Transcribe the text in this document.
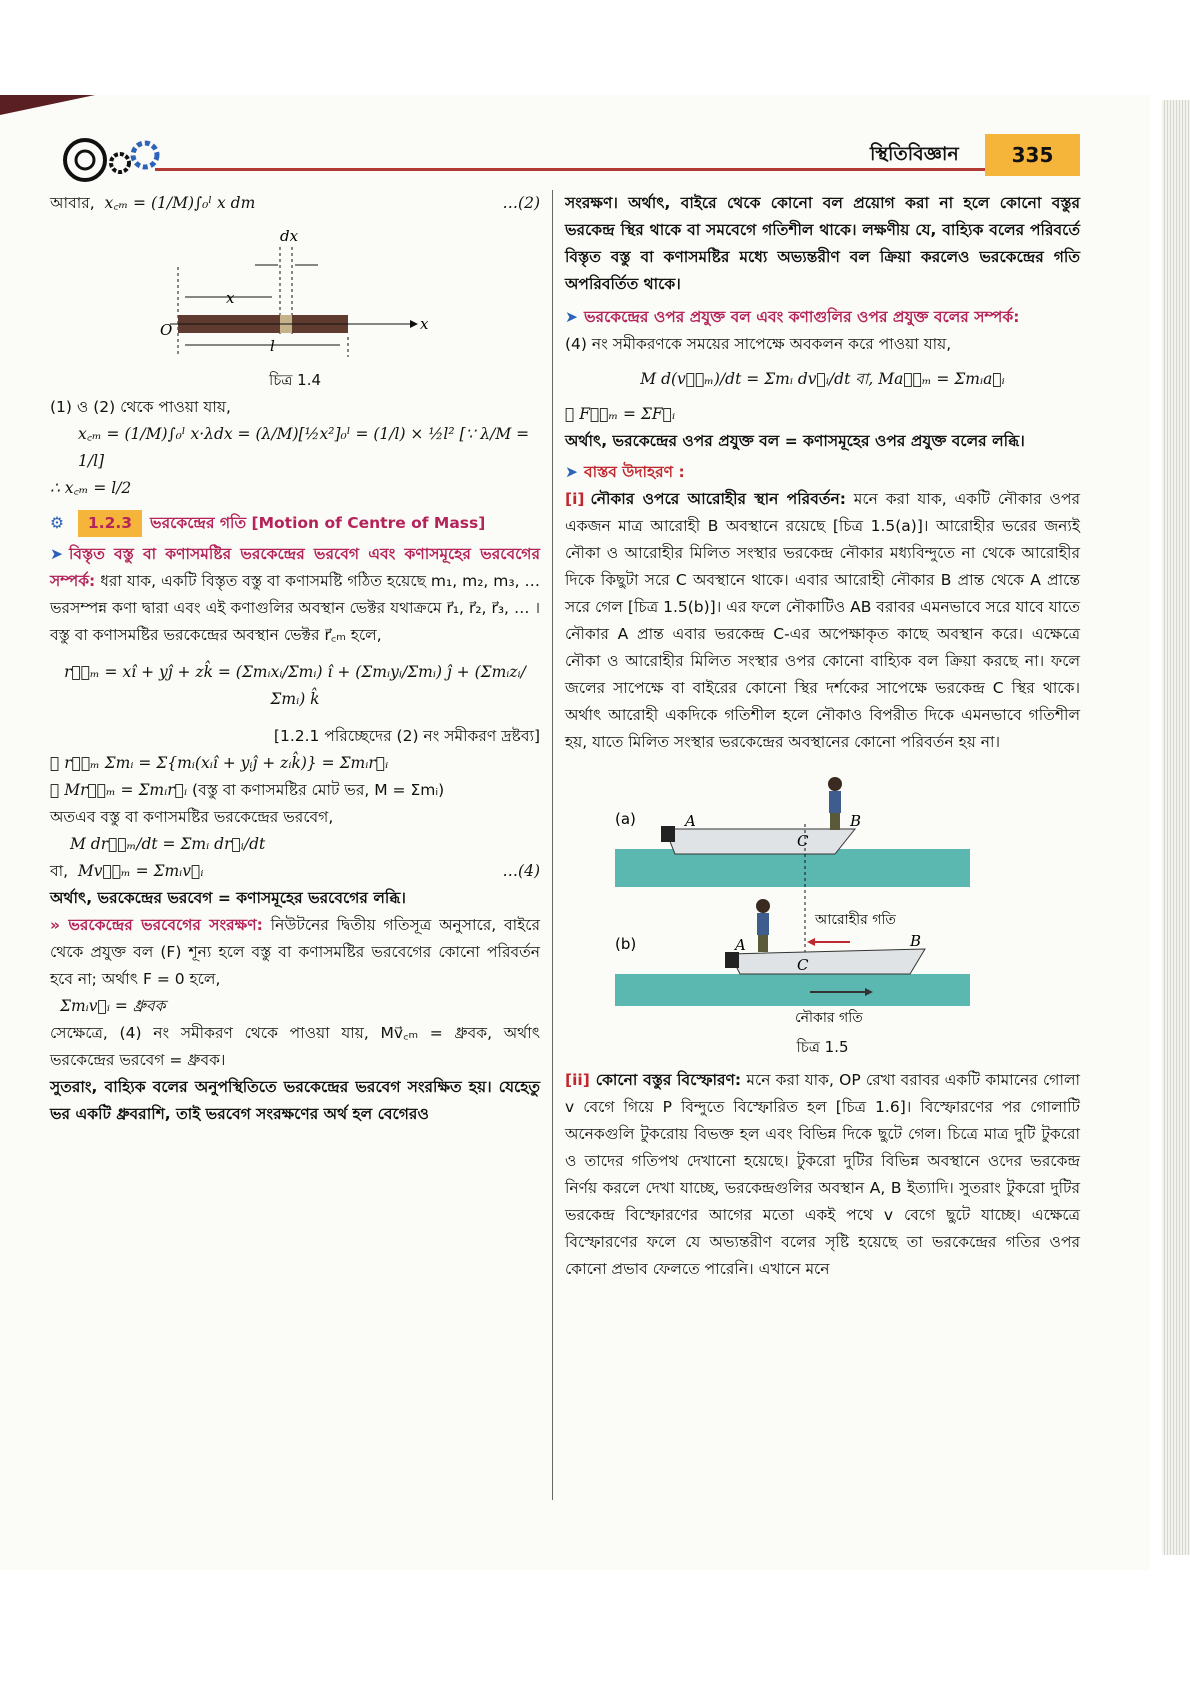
স্থিতিবিজ্ঞান	335
আবার, x꜀ₘ = (1/M)∫₀ˡ x dm	…(2)
dx
x
O	x
l
চিত্র 1.4
(1) ও (2) থেকে পাওয়া যায়,
x꜀ₘ = (1/M)∫₀ˡ x·λdx = (λ/M)[½x²]₀ˡ = (1/l) × ½l² [∵ λ/M = 1/l]
∴ x꜀ₘ = l/2
⚙	1.2.3	ভরকেন্দ্রের গতি [Motion of Centre of Mass]
➤ বিস্তৃত বস্তু বা কণাসমষ্টির ভরকেন্দ্রের ভরবেগ এবং কণাসমূহের ভরবেগের সম্পর্ক: ধরা যাক, একটি বিস্তৃত বস্তু বা কণাসমষ্টি গঠিত হয়েছে m₁, m₂, m₃, … ভরসম্পন্ন কণা দ্বারা এবং এই কণাগুলির অবস্থান ভেক্টর যথাক্রমে r⃗₁, r⃗₂, r⃗₃, … । বস্তু বা কণাসমষ্টির ভরকেন্দ্রের অবস্থান ভেক্টর r⃗꜀ₘ হলে,
r⃗꜀ₘ = xî + yĵ + zk̂ = (Σmᵢxᵢ/Σmᵢ) î + (Σmᵢyᵢ/Σmᵢ) ĵ + (Σmᵢzᵢ/Σmᵢ) k̂
[1.2.1 পরিচ্ছেদের (2) নং সমীকরণ দ্রষ্টব্য]
∴ r⃗꜀ₘ Σmᵢ = Σ{mᵢ(xᵢî + yᵢĵ + zᵢk̂)} = Σmᵢr⃗ᵢ
∴ Mr⃗꜀ₘ = Σmᵢr⃗ᵢ (বস্তু বা কণাসমষ্টির মোট ভর, M = Σmᵢ)
অতএব বস্তু বা কণাসমষ্টির ভরকেন্দ্রের ভরবেগ,
M dr⃗꜀ₘ/dt = Σmᵢ dr⃗ᵢ/dt
বা, Mv⃗꜀ₘ = Σmᵢv⃗ᵢ	…(4)
অর্থাৎ, ভরকেন্দ্রের ভরবেগ = কণাসমূহের ভরবেগের লব্ধি।
» ভরকেন্দ্রের ভরবেগের সংরক্ষণ: নিউটনের দ্বিতীয় গতিসূত্র অনুসারে, বাইরে থেকে প্রযুক্ত বল (F) শূন্য হলে বস্তু বা কণাসমষ্টির ভরবেগের কোনো পরিবর্তন হবে না; অর্থাৎ F = 0 হলে,
Σmᵢv⃗ᵢ = ধ্রুবক
সেক্ষেত্রে, (4) নং সমীকরণ থেকে পাওয়া যায়, Mv⃗꜀ₘ = ধ্রুবক, অর্থাৎ ভরকেন্দ্রের ভরবেগ = ধ্রুবক।
সুতরাং, বাহ্যিক বলের অনুপস্থিতিতে ভরকেন্দ্রের ভরবেগ সংরক্ষিত হয়। যেহেতু ভর একটি ধ্রুবরাশি, তাই ভরবেগ সংরক্ষণের অর্থ হল বেগেরও
সংরক্ষণ। অর্থাৎ, বাইরে থেকে কোনো বল প্রয়োগ করা না হলে কোনো বস্তুর ভরকেন্দ্র স্থির থাকে বা সমবেগে গতিশীল থাকে। লক্ষণীয় যে, বাহ্যিক বলের পরিবর্তে বিস্তৃত বস্তু বা কণাসমষ্টির মধ্যে অভ্যন্তরীণ বল ক্রিয়া করলেও ভরকেন্দ্রের গতি অপরিবর্তিত থাকে।
➤ ভরকেন্দ্রের ওপর প্রযুক্ত বল এবং কণাগুলির ওপর প্রযুক্ত বলের সম্পর্ক:
(4) নং সমীকরণকে সময়ের সাপেক্ষে অবকলন করে পাওয়া যায়,
M d(v⃗꜀ₘ)/dt = Σmᵢ dv⃗ᵢ/dt বা, Ma⃗꜀ₘ = Σmᵢa⃗ᵢ
∴ F⃗꜀ₘ = ΣF⃗ᵢ
অর্থাৎ, ভরকেন্দ্রের ওপর প্রযুক্ত বল = কণাসমূহের ওপর প্রযুক্ত বলের লব্ধি।
➤ বাস্তব উদাহরণ :
[i] নৌকার ওপরে আরোহীর স্থান পরিবর্তন: মনে করা যাক, একটি নৌকার ওপর একজন মাত্র আরোহী B অবস্থানে রয়েছে [চিত্র 1.5(a)]। আরোহীর ভরের জন্যই নৌকা ও আরোহীর মিলিত সংস্থার ভরকেন্দ্র নৌকার মধ্যবিন্দুতে না থেকে আরোহীর দিকে কিছুটা সরে C অবস্থানে থাকে। এবার আরোহী নৌকার B প্রান্ত থেকে A প্রান্তে সরে গেল [চিত্র 1.5(b)]। এর ফলে নৌকাটিও AB বরাবর এমনভাবে সরে যাবে যাতে নৌকার A প্রান্ত এবার ভরকেন্দ্র C-এর অপেক্ষাকৃত কাছে অবস্থান করে। এক্ষেত্রে নৌকা ও আরোহীর মিলিত সংস্থার ওপর কোনো বাহ্যিক বল ক্রিয়া করছে না। ফলে জলের সাপেক্ষে বা বাইরের কোনো স্থির দর্শকের সাপেক্ষে ভরকেন্দ্র C স্থির থাকে। অর্থাৎ আরোহী একদিকে গতিশীল হলে নৌকাও বিপরীত দিকে এমনভাবে গতিশীল হয়, যাতে মিলিত সংস্থার ভরকেন্দ্রের অবস্থানের কোনো পরিবর্তন হয় না।
(a)	A	B
C
(b)	A	B
C
আরোহীর গতি
নৌকার গতি
চিত্র 1.5
[ii] কোনো বস্তুর বিস্ফোরণ: মনে করা যাক, OP রেখা বরাবর একটি কামানের গোলা v বেগে গিয়ে P বিন্দুতে বিস্ফোরিত হল [চিত্র 1.6]। বিস্ফোরণের পর গোলাটি অনেকগুলি টুকরোয় বিভক্ত হল এবং বিভিন্ন দিকে ছুটে গেল। চিত্রে মাত্র দুটি টুকরো ও তাদের গতিপথ দেখানো হয়েছে। টুকরো দুটির বিভিন্ন অবস্থানে ওদের ভরকেন্দ্র নির্ণয় করলে দেখা যাচ্ছে, ভরকেন্দ্রগুলির অবস্থান A, B ইত্যাদি। সুতরাং টুকরো দুটির ভরকেন্দ্র বিস্ফোরণের আগের মতো একই পথে v বেগে ছুটে যাচ্ছে। এক্ষেত্রে বিস্ফোরণের ফলে যে অভ্যন্তরীণ বলের সৃষ্টি হয়েছে তা ভরকেন্দ্রের গতির ওপর কোনো প্রভাব ফেলতে পারেনি। এখানে মনে
